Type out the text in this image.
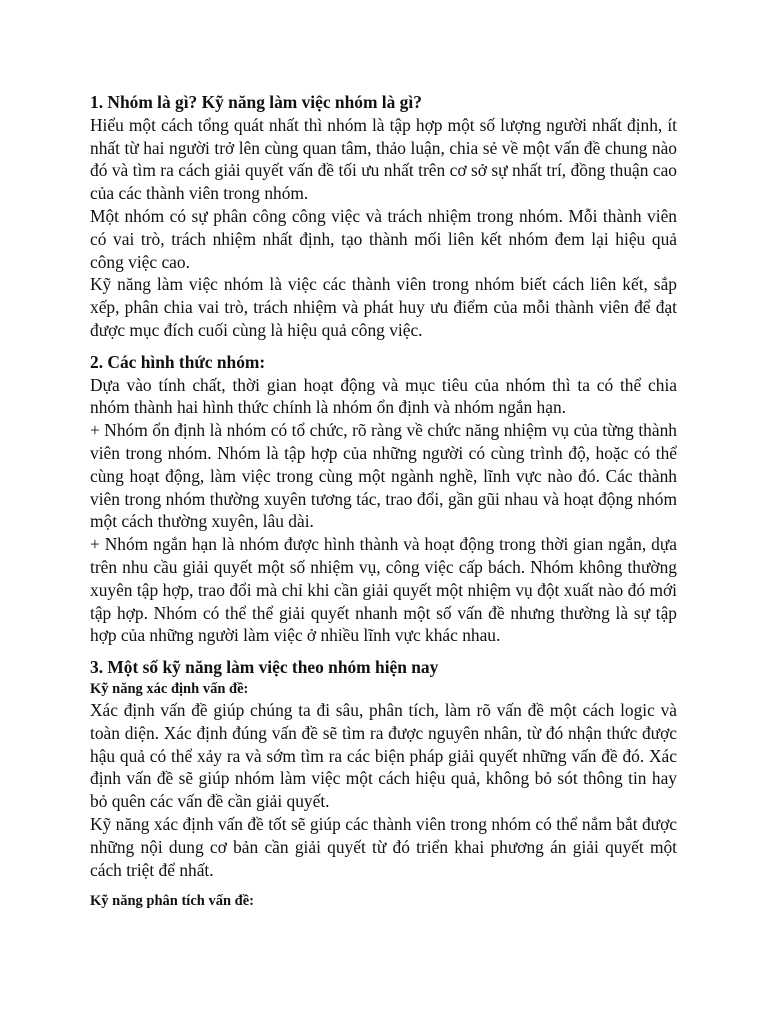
1. Nhóm là gì? Kỹ năng làm việc nhóm là gì?

Hiểu một cách tổng quát nhất thì nhóm là tập hợp một số lượng người nhất định, ít nhất từ hai người trở lên cùng quan tâm, thảo luận, chia sẻ về một vấn đề chung nào đó và tìm ra cách giải quyết vấn đề tối ưu nhất trên cơ sở sự nhất trí, đồng thuận cao của các thành viên trong nhóm.

Một nhóm có sự phân công công việc và trách nhiệm trong nhóm. Mỗi thành viên có vai trò, trách nhiệm nhất định, tạo thành mối liên kết nhóm đem lại hiệu quả công việc cao.

Kỹ năng làm việc nhóm là việc các thành viên trong nhóm biết cách liên kết, sắp xếp, phân chia vai trò, trách nhiệm và phát huy ưu điểm của mỗi thành viên để đạt được mục đích cuối cùng là hiệu quả công việc.

2. Các hình thức nhóm:

Dựa vào tính chất, thời gian hoạt động và mục tiêu của nhóm thì ta có thể chia nhóm thành hai hình thức chính là nhóm ổn định và nhóm ngắn hạn.

+ Nhóm ổn định là nhóm có tổ chức, rõ ràng về chức năng nhiệm vụ của từng thành viên trong nhóm. Nhóm là tập hợp của những người có cùng trình độ, hoặc có thể cùng hoạt động, làm việc trong cùng một ngành nghề, lĩnh vực nào đó. Các thành viên trong nhóm thường xuyên tương tác, trao đổi, gần gũi nhau và hoạt động nhóm một cách thường xuyên, lâu dài.

+ Nhóm ngắn hạn là nhóm được hình thành và hoạt động trong thời gian ngắn, dựa trên nhu cầu giải quyết một số nhiệm vụ, công việc cấp bách. Nhóm không thường xuyên tập hợp, trao đổi mà chỉ khi cần giải quyết một nhiệm vụ đột xuất nào đó mới tập hợp. Nhóm có thể thể giải quyết nhanh một số vấn đề nhưng thường là sự tập hợp của những người làm việc ở nhiều lĩnh vực khác nhau.

3. Một số kỹ năng làm việc theo nhóm hiện nay
Kỹ năng xác định vấn đề:

Xác định vấn đề giúp chúng ta đi sâu, phân tích, làm rõ vấn đề một cách logic và toàn diện. Xác định đúng vấn đề sẽ tìm ra được nguyên nhân, từ đó nhận thức được hậu quả có thể xảy ra và sớm tìm ra các biện pháp giải quyết những vấn đề đó. Xác định vấn đề sẽ giúp nhóm làm việc một cách hiệu quả, không bỏ sót thông tin hay bỏ quên các vấn đề cần giải quyết.

Kỹ năng xác định vấn đề tốt sẽ giúp các thành viên trong nhóm có thể nắm bắt được những nội dung cơ bản cần giải quyết từ đó triển khai phương án giải quyết một cách triệt để nhất.

Kỹ năng phân tích vấn đề:
